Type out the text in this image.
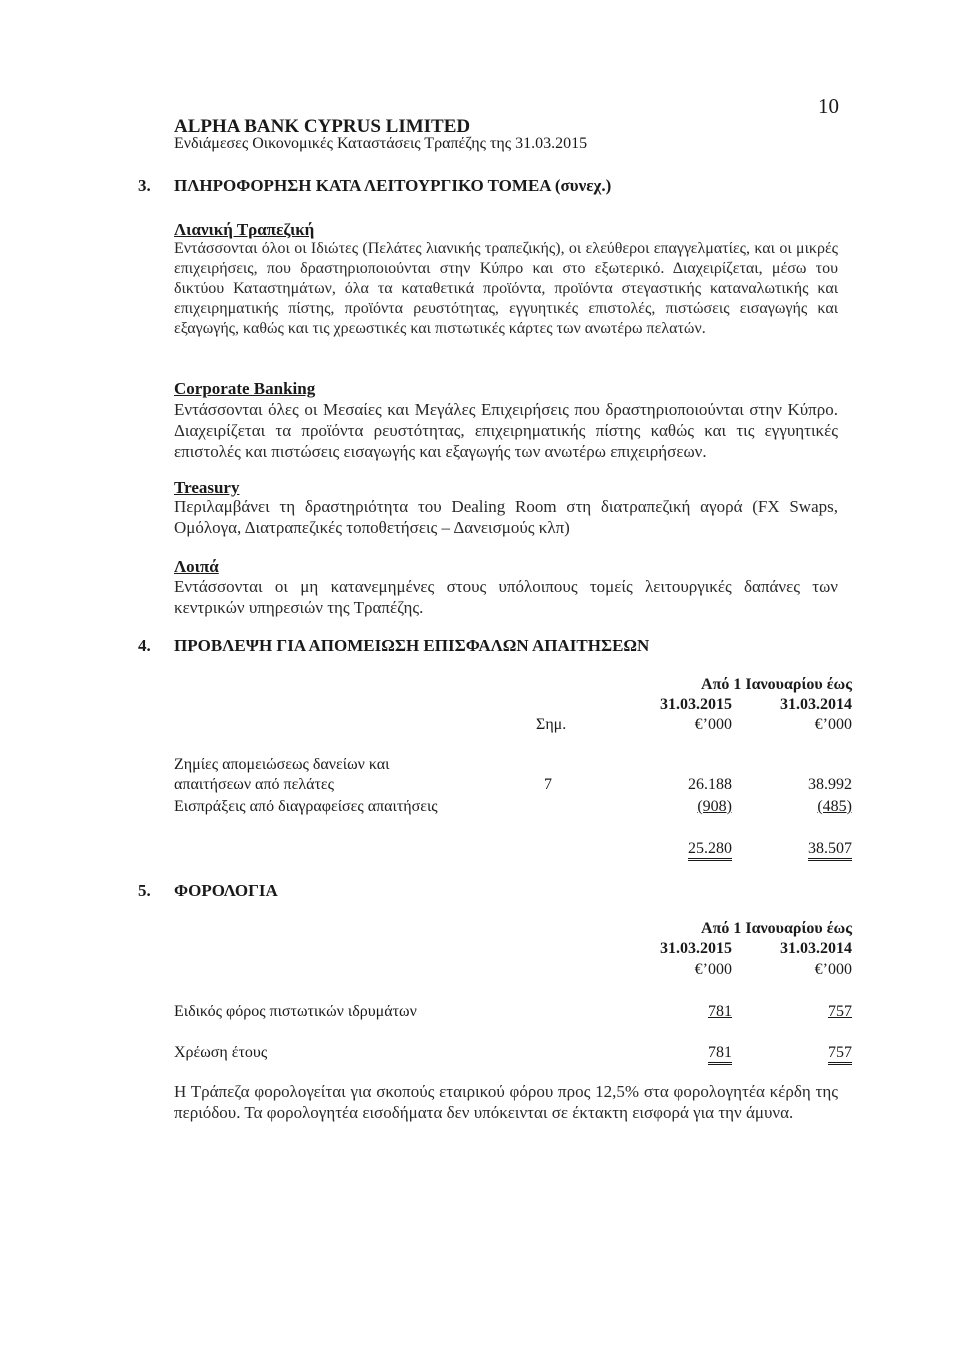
10
ALPHA BANK CYPRUS LIMITED
Ενδιάμεσες Οικονομικές Καταστάσεις Τραπέζης της 31.03.2015
3. ΠΛΗΡΟΦΟΡΗΣΗ ΚΑΤΑ ΛΕΙΤΟΥΡΓΙΚΟ ΤΟΜΕΑ (συνεχ.)
Λιανική Τραπεζική
Εντάσσονται όλοι οι Ιδιώτες (Πελάτες λιανικής τραπεζικής), οι ελεύθεροι επαγγελματίες, και οι μικρές επιχειρήσεις, που δραστηριοποιούνται στην Κύπρο και στο εξωτερικό. Διαχειρίζεται, μέσω του δικτύου Καταστημάτων, όλα τα καταθετικά προϊόντα, προϊόντα στεγαστικής καταναλωτικής και επιχειρηματικής πίστης, προϊόντα ρευστότητας, εγγυητικές επιστολές, πιστώσεις εισαγωγής και εξαγωγής, καθώς και τις χρεωστικές και πιστωτικές κάρτες των ανωτέρω πελατών.
Corporate Banking
Εντάσσονται όλες οι Μεσαίες και Μεγάλες Επιχειρήσεις που δραστηριοποιούνται στην Κύπρο. Διαχειρίζεται τα προϊόντα ρευστότητας, επιχειρηματικής πίστης καθώς και τις εγγυητικές επιστολές και πιστώσεις εισαγωγής και εξαγωγής των ανωτέρω επιχειρήσεων.
Treasury
Περιλαμβάνει τη δραστηριότητα του Dealing Room στη διατραπεζική αγορά (FX Swaps, Ομόλογα, Διατραπεζικές τοποθετήσεις – Δανεισμούς κλπ)
Λοιπά
Εντάσσονται οι μη κατανεμημένες στους υπόλοιπους τομείς λειτουργικές δαπάνες των κεντρικών υπηρεσιών της Τραπέζης.
4. ΠΡΟΒΛΕΨΗ ΓΙΑ ΑΠΟΜΕΙΩΣΗ ΕΠΙΣΦΑΛΩΝ ΑΠΑΙΤΗΣΕΩΝ
Από 1 Ιανουαρίου έως
31.03.2015	31.03.2014
Σημ.	€’000	€’000
Ζημίες απομειώσεως δανείων και
απαιτήσεων από πελάτες	7	26.188	38.992
Εισπράξεις από διαγραφείσες απαιτήσεις	(908)	(485)
25.280	38.507
5. ΦΟΡΟΛΟΓΙΑ
Από 1 Ιανουαρίου έως
31.03.2015	31.03.2014
€’000	€’000
Ειδικός φόρος πιστωτικών ιδρυμάτων	781	757
Χρέωση έτους	781	757
Η Τράπεζα φορολογείται για σκοπούς εταιρικού φόρου προς 12,5% στα φορολογητέα κέρδη της περιόδου. Τα φορολογητέα εισοδήματα δεν υπόκεινται σε έκτακτη εισφορά για την άμυνα.
